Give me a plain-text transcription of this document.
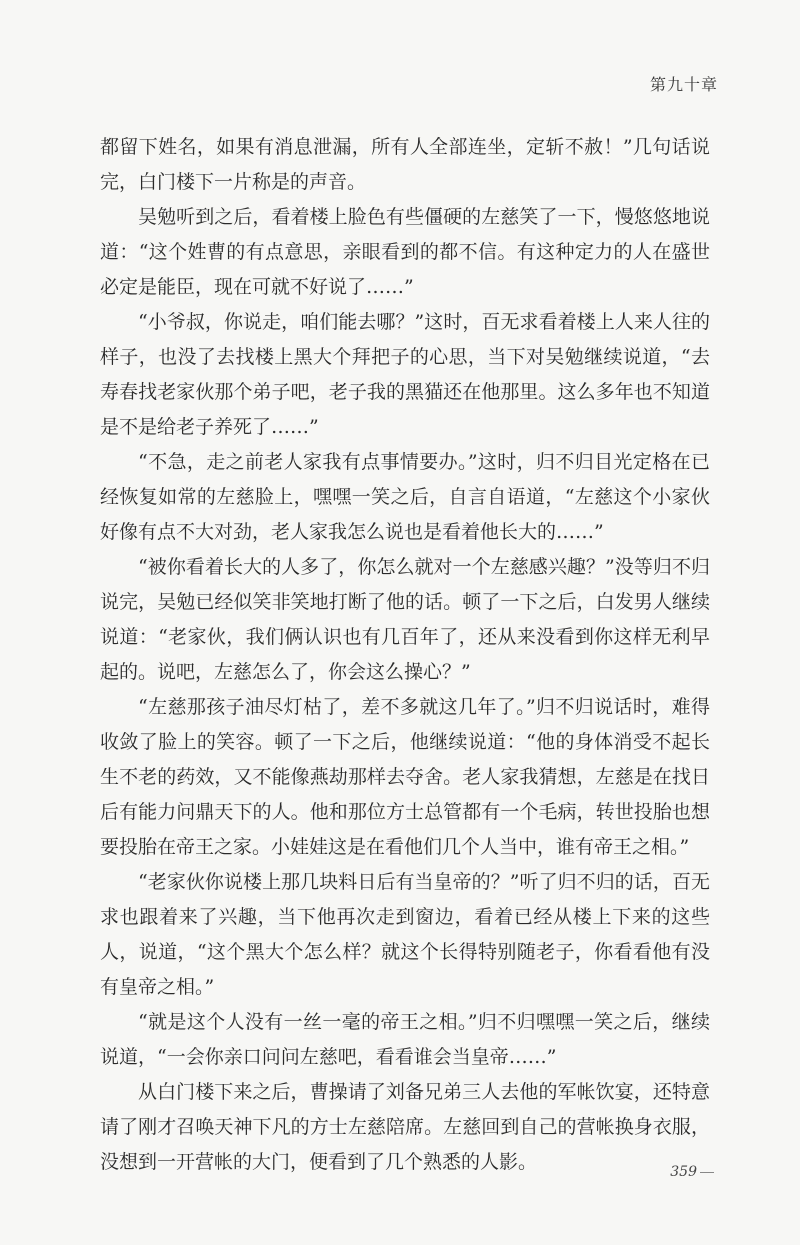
第九十章

都留下姓名，如果有消息泄漏，所有人全部连坐，定斩不赦！”几句话说完，白门楼下一片称是的声音。

吴勉听到之后，看着楼上脸色有些僵硬的左慈笑了一下，慢悠悠地说道：“这个姓曹的有点意思，亲眼看到的都不信。有这种定力的人在盛世必定是能臣，现在可就不好说了……”

“小爷叔，你说走，咱们能去哪？”这时，百无求看着楼上人来人往的样子，也没了去找楼上黑大个拜把子的心思，当下对吴勉继续说道，“去寿春找老家伙那个弟子吧，老子我的黑猫还在他那里。这么多年也不知道是不是给老子养死了……”

“不急，走之前老人家我有点事情要办。”这时，归不归目光定格在已经恢复如常的左慈脸上，嘿嘿一笑之后，自言自语道，“左慈这个小家伙好像有点不大对劲，老人家我怎么说也是看着他长大的……”

“被你看着长大的人多了，你怎么就对一个左慈感兴趣？”没等归不归说完，吴勉已经似笑非笑地打断了他的话。顿了一下之后，白发男人继续说道：“老家伙，我们俩认识也有几百年了，还从来没看到你这样无利早起的。说吧，左慈怎么了，你会这么操心？”

“左慈那孩子油尽灯枯了，差不多就这几年了。”归不归说话时，难得收敛了脸上的笑容。顿了一下之后，他继续说道：“他的身体消受不起长生不老的药效，又不能像燕劫那样去夺舍。老人家我猜想，左慈是在找日后有能力问鼎天下的人。他和那位方士总管都有一个毛病，转世投胎也想要投胎在帝王之家。小娃娃这是在看他们几个人当中，谁有帝王之相。”

“老家伙你说楼上那几块料日后有当皇帝的？”听了归不归的话，百无求也跟着来了兴趣，当下他再次走到窗边，看着已经从楼上下来的这些人，说道，“这个黑大个怎么样？就这个长得特别随老子，你看看他有没有皇帝之相。”

“就是这个人没有一丝一毫的帝王之相。”归不归嘿嘿一笑之后，继续说道，“一会你亲口问问左慈吧，看看谁会当皇帝……”

从白门楼下来之后，曹操请了刘备兄弟三人去他的军帐饮宴，还特意请了刚才召唤天神下凡的方士左慈陪席。左慈回到自己的营帐换身衣服，没想到一开营帐的大门，便看到了几个熟悉的人影。	359
